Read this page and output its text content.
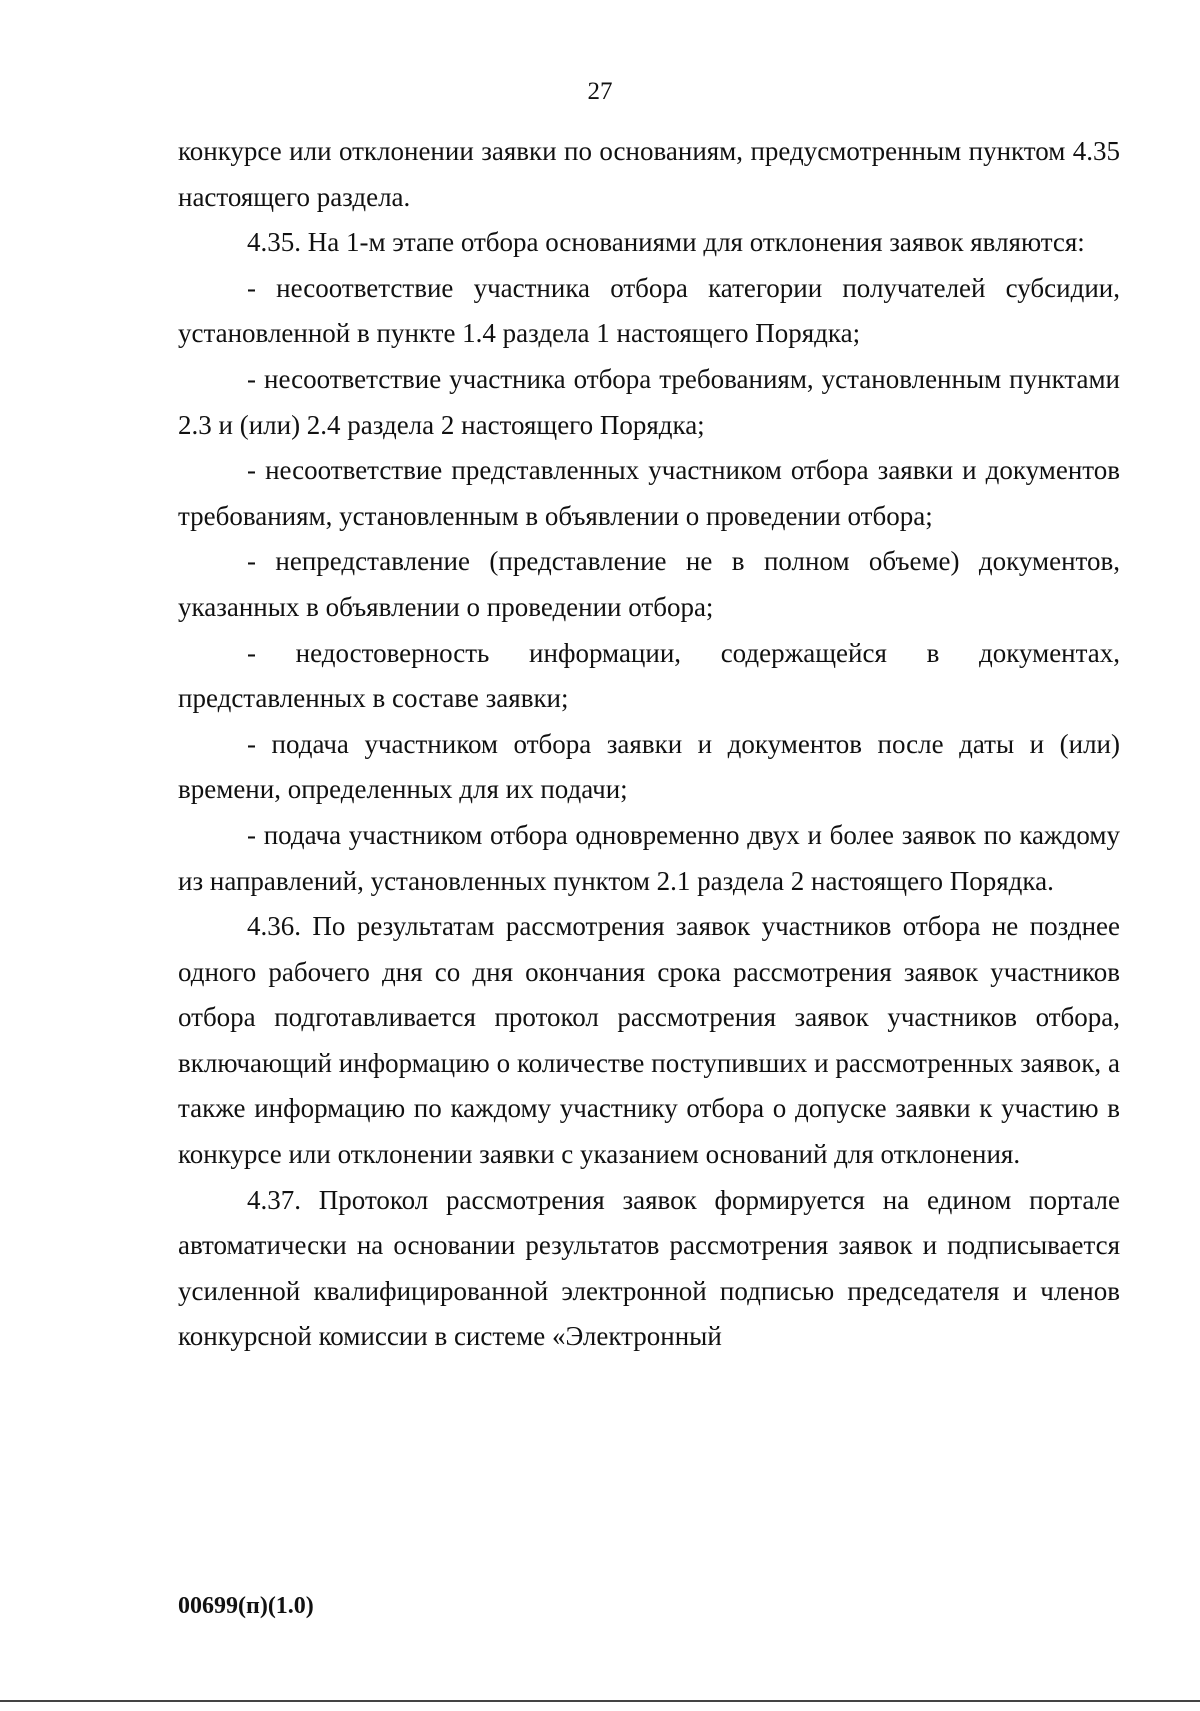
27

конкурсе или отклонении заявки по основаниям, предусмотренным пунктом 4.35 настоящего раздела.

4.35. На 1-м этапе отбора основаниями для отклонения заявок являются:

- несоответствие участника отбора категории получателей субсидии, установленной в пункте 1.4 раздела 1 настоящего Порядка;

- несоответствие участника отбора требованиям, установленным пунктами 2.3 и (или) 2.4 раздела 2 настоящего Порядка;

- несоответствие представленных участником отбора заявки и документов требованиям, установленным в объявлении о проведении отбора;

- непредставление (представление не в полном объеме) документов, указанных в объявлении о проведении отбора;

- недостоверность информации, содержащейся в документах, представленных в составе заявки;

- подача участником отбора заявки и документов после даты и (или) времени, определенных для их подачи;

- подача участником отбора одновременно двух и более заявок по каждому из направлений, установленных пунктом 2.1 раздела 2 настоящего Порядка.

4.36. По результатам рассмотрения заявок участников отбора не позднее одного рабочего дня со дня окончания срока рассмотрения заявок участников отбора подготавливается протокол рассмотрения заявок участников отбора, включающий информацию о количестве поступивших и рассмотренных заявок, а также информацию по каждому участнику отбора о допуске заявки к участию в конкурсе или отклонении заявки с указанием оснований для отклонения.

4.37. Протокол рассмотрения заявок формируется на едином портале автоматически на основании результатов рассмотрения заявок и подписывается усиленной квалифицированной электронной подписью председателя и членов конкурсной комиссии в системе «Электронный

00699(п)(1.0)
